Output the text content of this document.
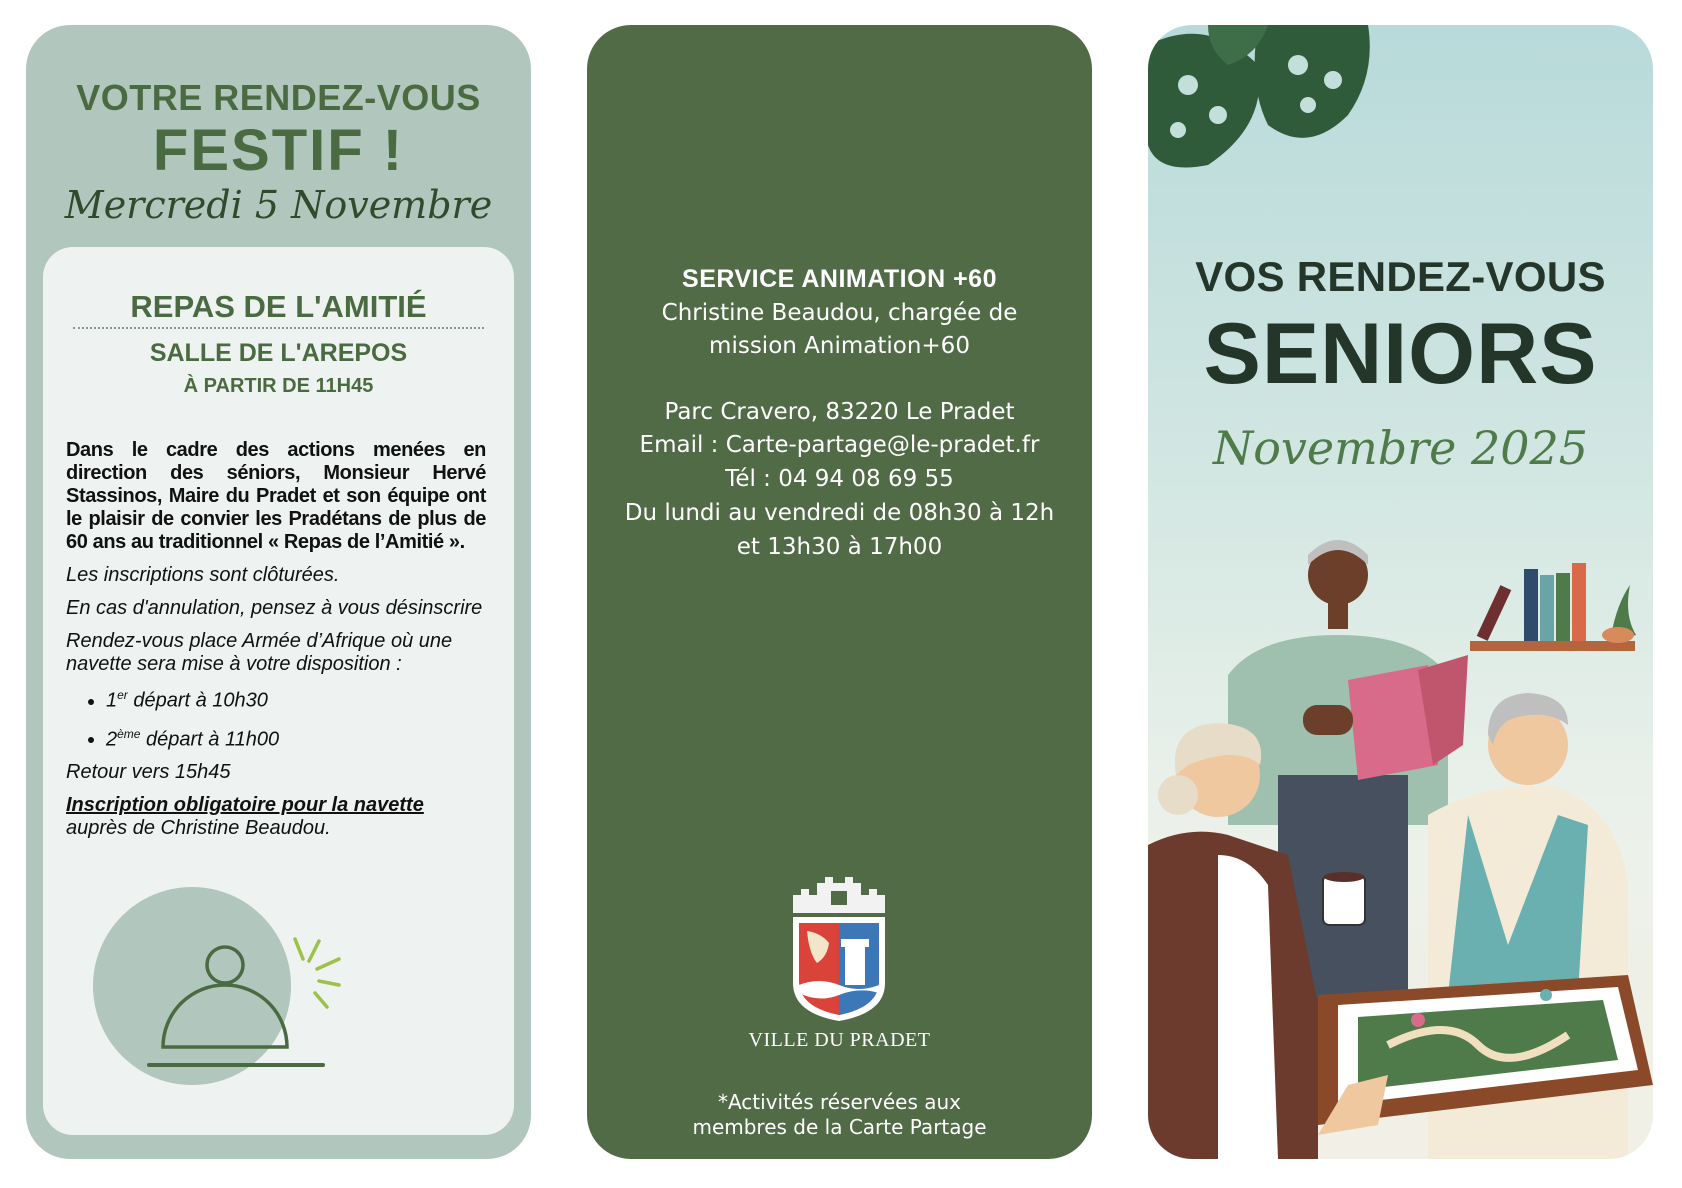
VOTRE RENDEZ-VOUS
FESTIF !
Mercredi 5 Novembre
REPAS DE L'AMITIÉ
SALLE DE L'AREPOS
À PARTIR DE 11H45

Dans le cadre des actions menées en direction des séniors, Monsieur Hervé Stassinos, Maire du Pradet et son équipe ont le plaisir de convier les Pradétans de plus de 60 ans au traditionnel « Repas de l’Amitié ».

Les inscriptions sont clôturées.

En cas d'annulation, pensez à vous désinscrire

Rendez-vous place Armée d’Afrique où une navette sera mise à votre disposition :

• 1er départ à 10h30
• 2ème départ à 11h00

Retour vers 15h45

Inscription obligatoire pour la navette
auprès de Christine Beaudou.

SERVICE ANIMATION +60
Christine Beaudou, chargée de
mission Animation+60
Parc Cravero, 83220 Le Pradet
Email : Carte-partage@le-pradet.fr
Tél : 04 94 08 69 55
Du lundi au vendredi de 08h30 à 12h
et 13h30 à 17h00
VILLE DU PRADET
*Activités réservées aux
membres de la Carte Partage
VOS RENDEZ-VOUS
SENIORS
Novembre 2025
